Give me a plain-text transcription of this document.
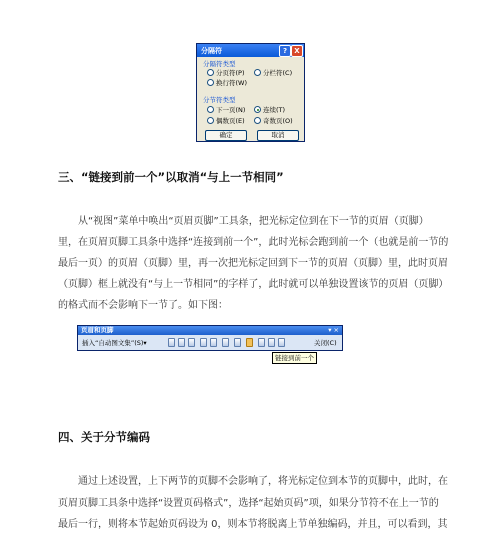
分隔符	?	X
分隔符类型
分页符(P)	分栏符(C)
换行符(W)
分节符类型
下一页(N)	连续(T)
偶数页(E)	奇数页(O)
确定	取消
三、“链接到前一个”以取消“与上一节相同”
从“视图”菜单中唤出“页眉页脚”工具条，把光标定位到在下一节的页眉（页脚）
里，在页眉页脚工具条中选择“连接到前一个”，此时光标会跑到前一个（也就是前一节的
最后一页）的页眉（页脚）里，再一次把光标定回到下一节的页眉（页脚）里，此时页眉
（页脚）框上就没有“与上一节相同”的字样了，此时就可以单独设置该节的页眉（页脚）
的格式而不会影响下一节了。如下图：
页眉和页脚	▾ ×
插入“自动图文集”(S)▾	关闭(C)
链接到前一个
四、关于分节编码
通过上述设置，上下两节的页脚不会影响了，将光标定位到本节的页脚中，此时，在
页眉页脚工具条中选择“设置页码格式”，选择“起始页码”项，如果分节符不在上一节的
最后一行，则将本节起始页码设为 0，则本节将脱离上节单独编码，并且，可以看到，其
